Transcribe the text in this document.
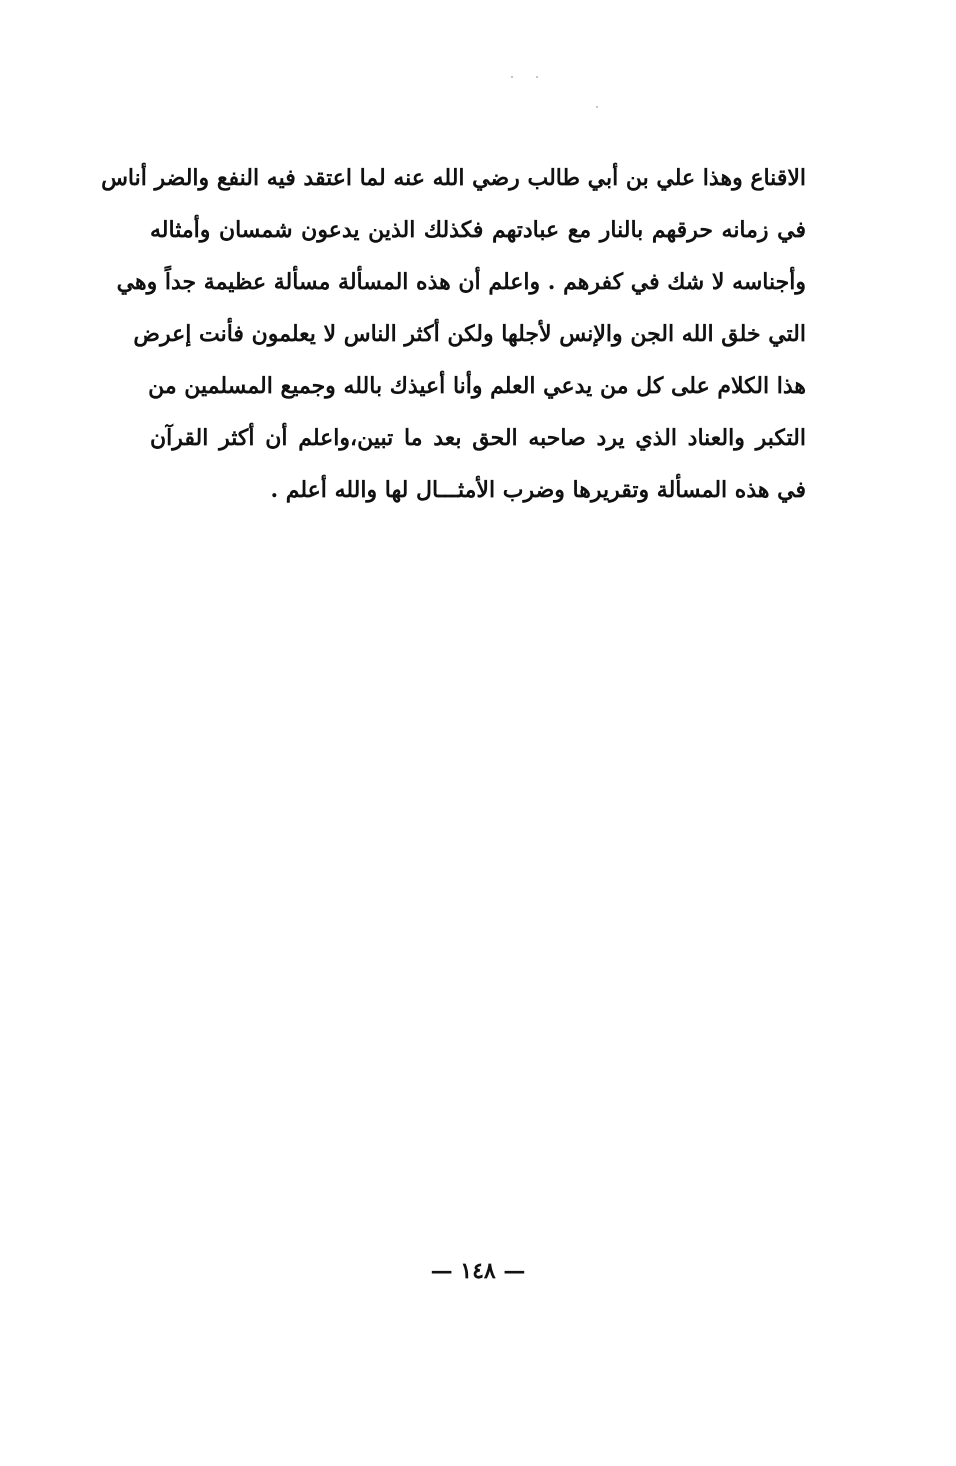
الاقناع وهذا علي بن أبي طالب رضي الله عنه لما اعتقد فيه النفع والضر أناس
في زمانه حرقهم بالنار مع عبادتهم فكذلك الذين يدعون شمسان وأمثاله
وأجناسه لا شك في كفرهم . واعلم أن هذه المسألة مسألة عظيمة جداً وهي
التي خلق الله الجن والإنس لأجلها ولكن أكثر الناس لا يعلمون فأنت إعرض
هذا الكلام على كل من يدعي العلم وأنا أعيذك بالله وجميع المسلمين من
التكبر والعناد الذي يرد صاحبه الحق بعد ما تبين،واعلم أن أكثر القرآن
في هذه المسألة وتقريرها وضرب الأمثـــال لها والله أعلم .
— ١٤٨ —
